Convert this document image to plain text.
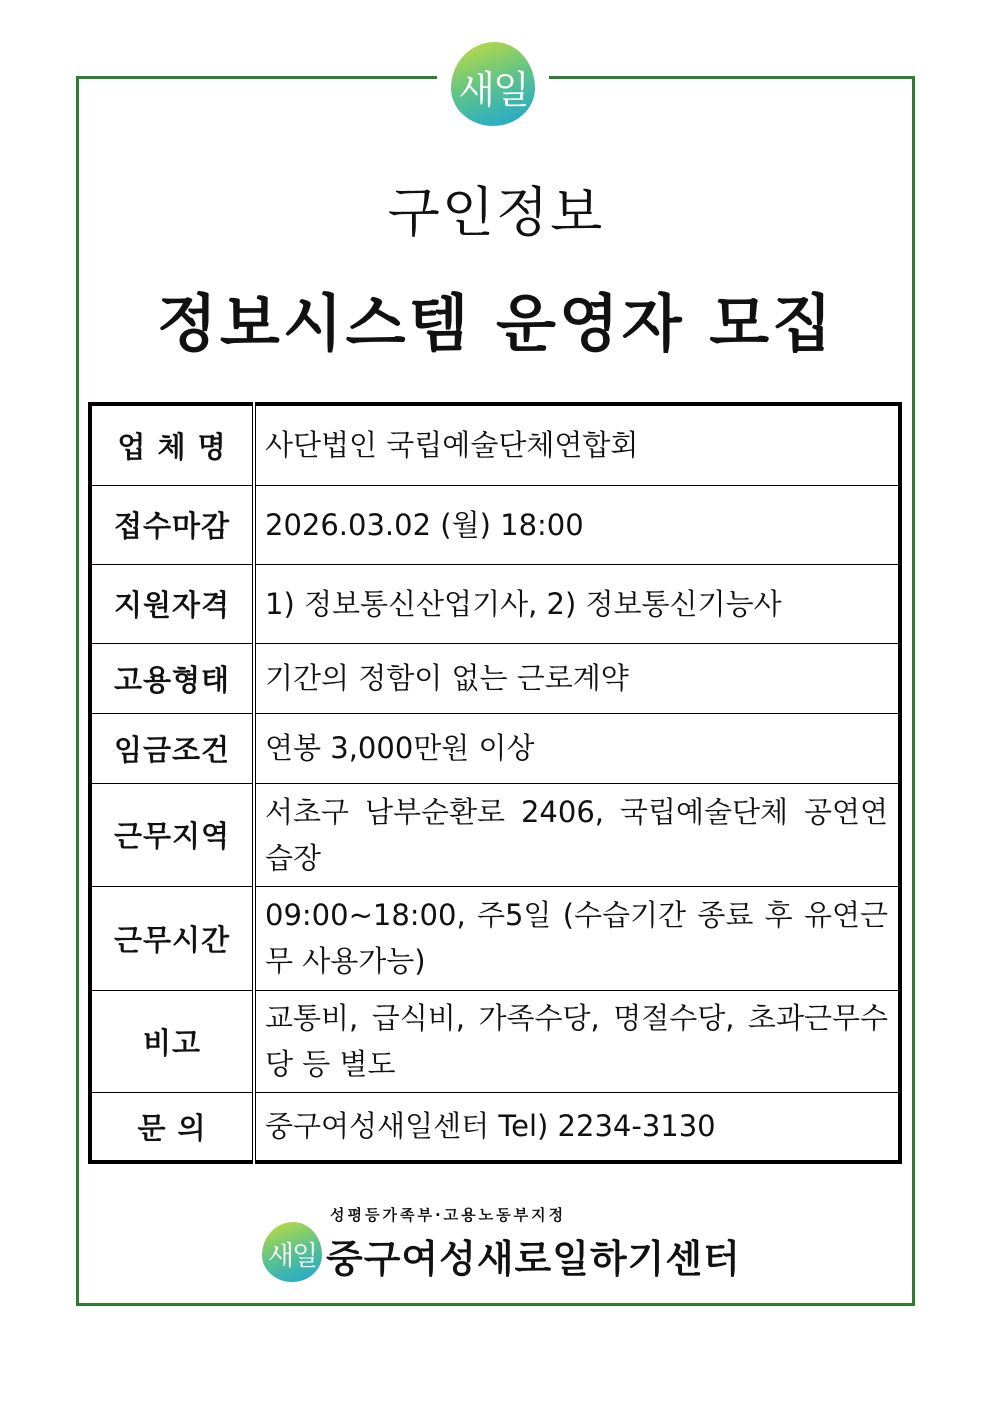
새일
구인정보
정보시스템 운영자 모집
업 체 명	사단법인 국립예술단체연합회
접수마감	2026.03.02 (월) 18:00
지원자격	1) 정보통신산업기사, 2) 정보통신기능사
고용형태	기간의 정함이 없는 근로계약
임금조건	연봉 3,000만원 이상
근무지역	서초구 남부순환로 2406, 국립예술단체 공연연습장
근무시간	09:00~18:00, 주5일 (수습기간 종료 후 유연근무 사용가능)
비고	교통비, 급식비, 가족수당, 명절수당, 초과근무수당 등 별도
문 의	중구여성새일센터 Tel) 2234-3130
성평등가족부·고용노동부지정
새일 중구여성새로일하기센터
